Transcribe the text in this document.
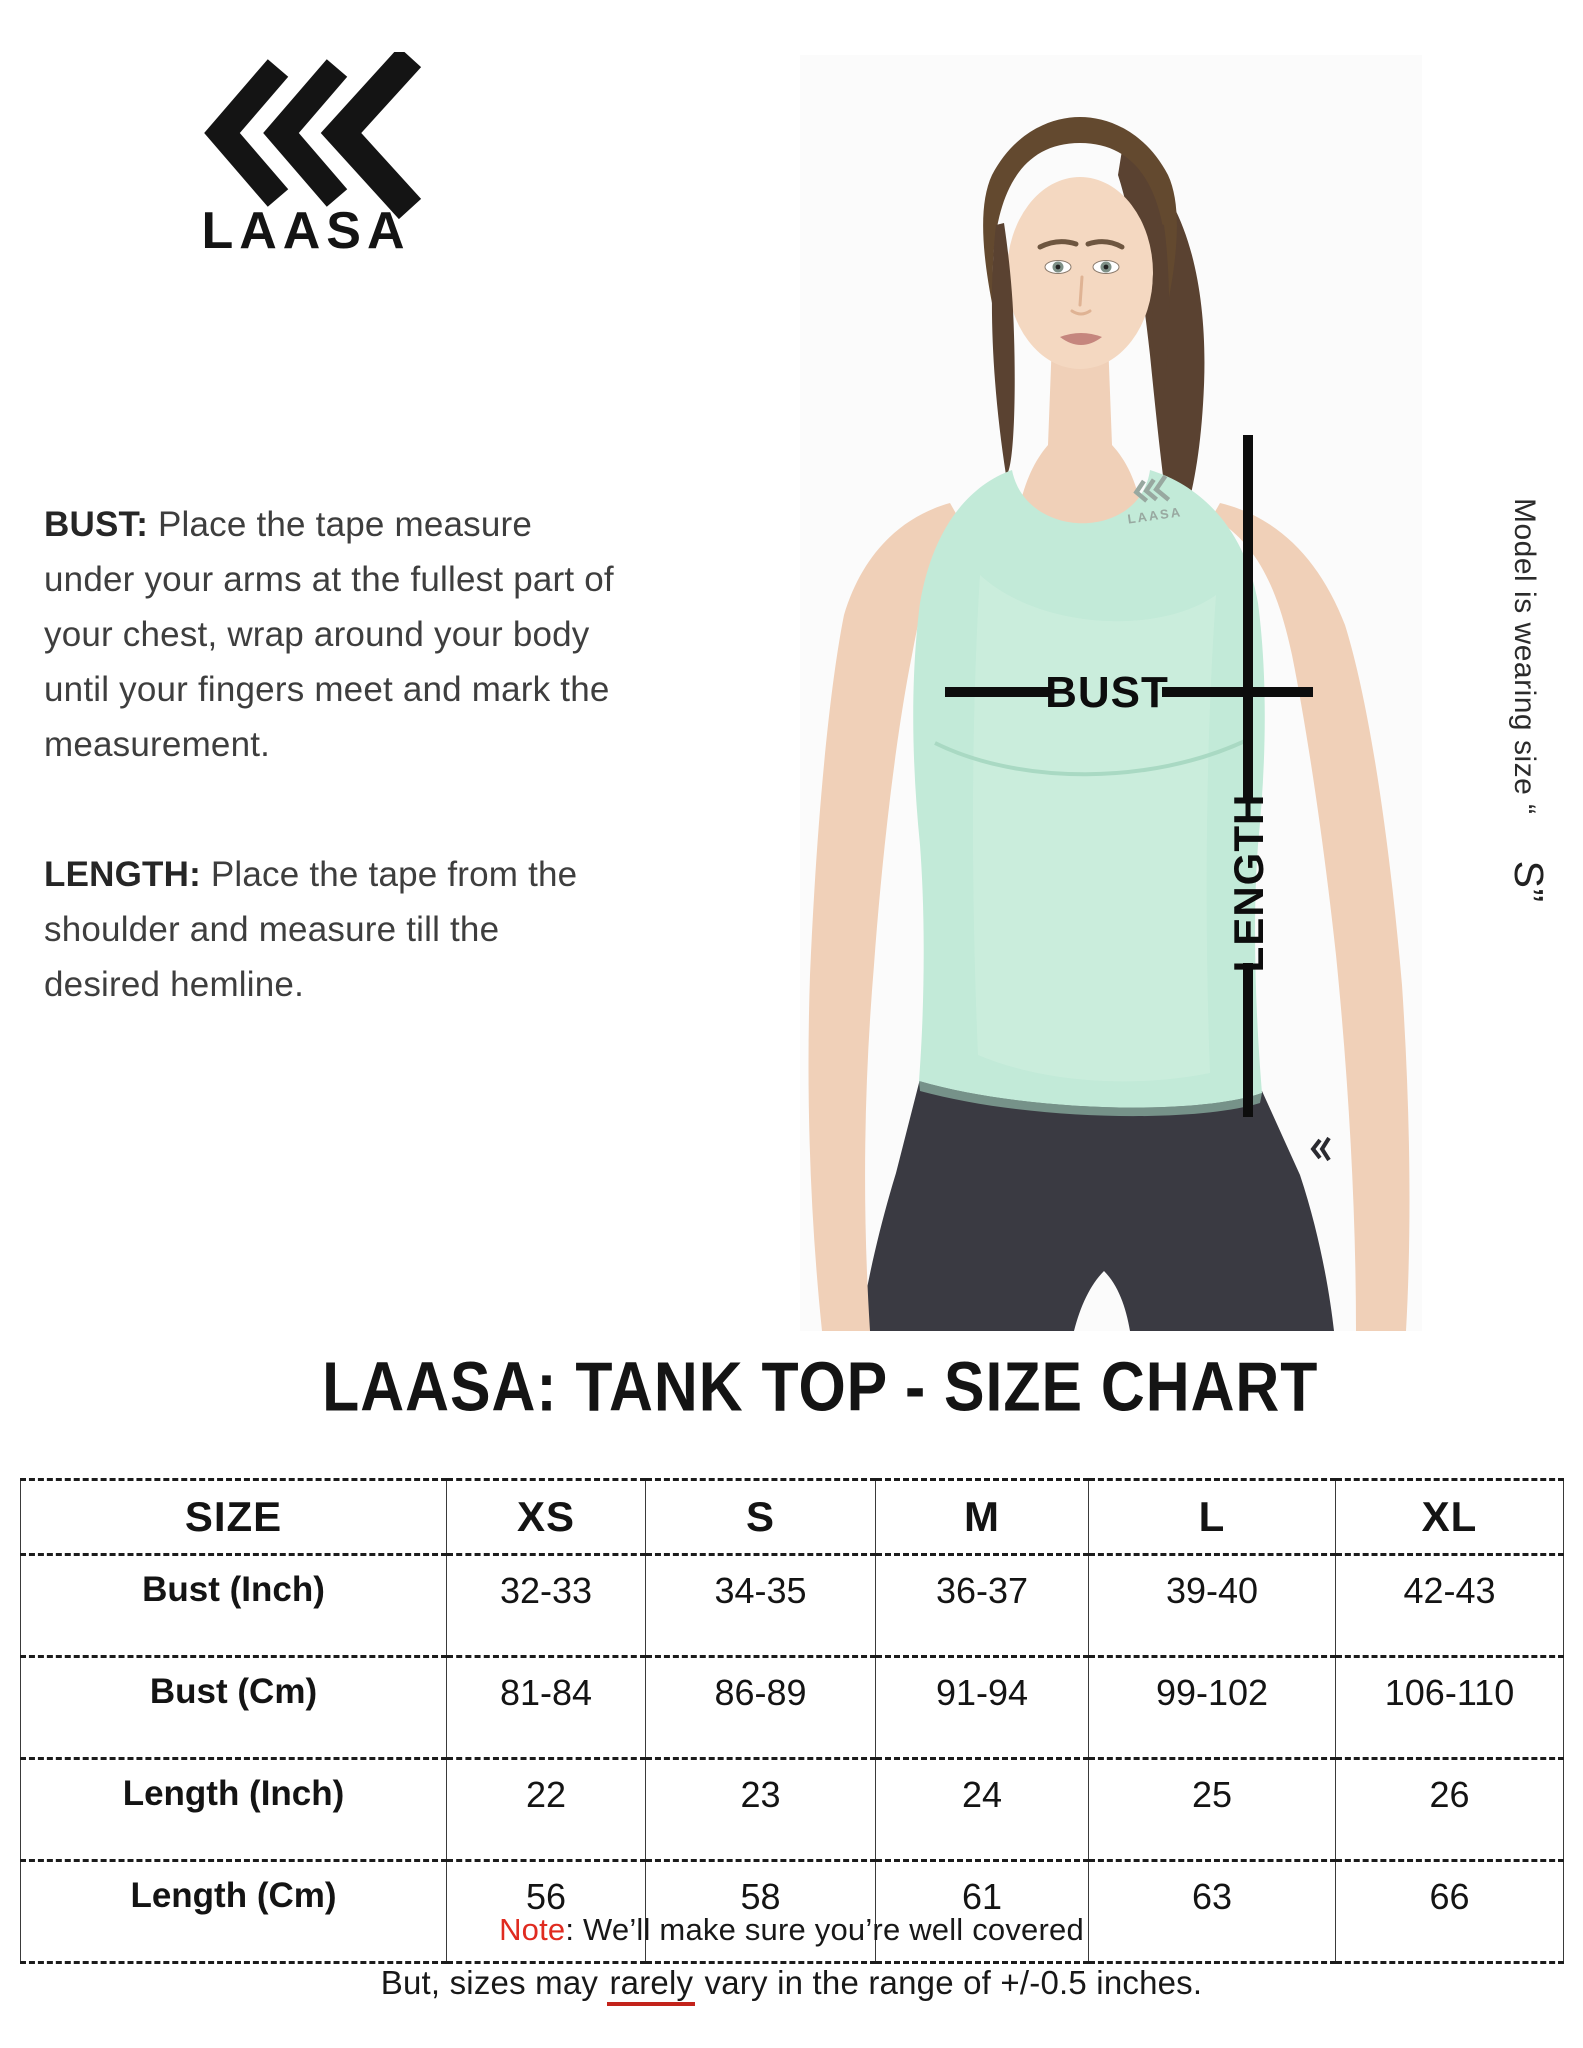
LAASA

BUST: Place the tape measure under your arms at the fullest part of your chest, wrap around your body until your fingers meet and mark the measurement.

LENGTH: Place the tape from the shoulder and measure till the desired hemline.

LAASA
BUST
LENGTH
Model is wearing size “S”
LAASA: TANK TOP - SIZE CHART
SIZE	XS	S	M	L	XL
Bust (Inch)	32-33	34-35	36-37	39-40	42-43
Bust (Cm)	81-84	86-89	91-94	99-102	106-110
Length (Inch)	22	23	24	25	26
Length (Cm)	56	58	61	63	66
Note: We’ll make sure you’re well covered
But, sizes may rarely vary in the range of +/-0.5 inches.
